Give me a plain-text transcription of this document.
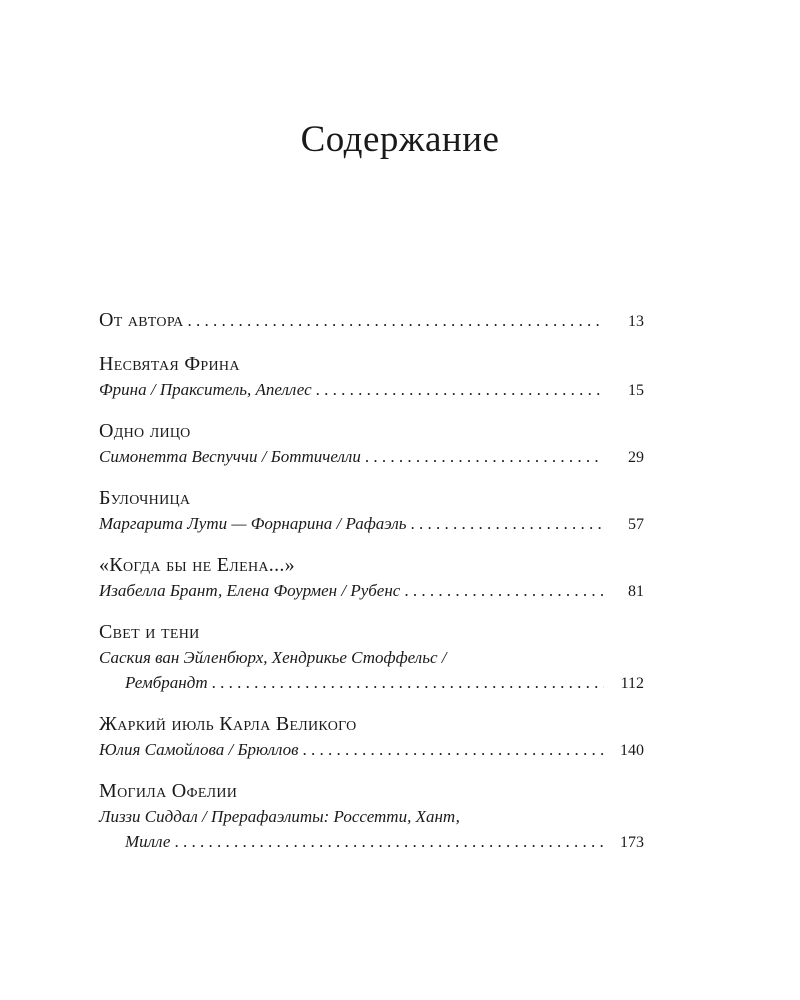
Содержание
От автора . . .	13
Несвятая Фрина
Фрина / Пракситель, Апеллес . . .	15
Одно лицо
Симонетта Веспуччи / Боттичелли . . .	29
Булочница
Маргарита Лути — Форнарина / Рафаэль . . .	57
«Когда бы не Елена...»
Изабелла Брант, Елена Фоурмен / Рубенс . . .	81
Свет и тени
Саския ван Эйленбюрх, Хендрикье Стоффельс /
Рембрандт . . .	112
Жаркий июль Карла Великого
Юлия Самойлова / Брюллов . . .	140
Могила Офелии
Лиззи Сиддал / Прерафаэлиты: Россетти, Хант,
Милле . . .	173
